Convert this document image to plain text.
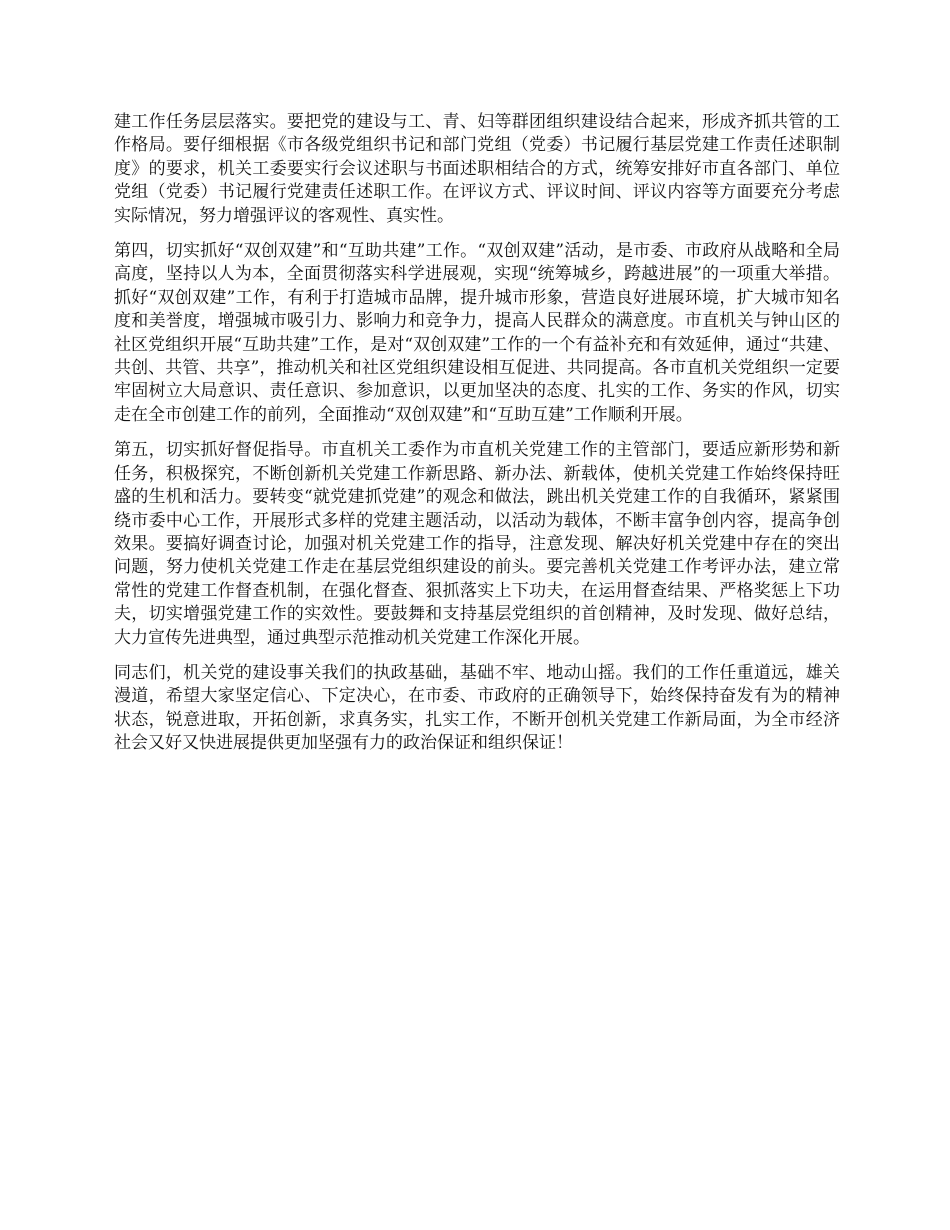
建工作任务层层落实。要把党的建设与工、青、妇等群团组织建设结合起来，形成齐抓共管的工作格局。要仔细根据《市各级党组织书记和部门党组（党委）书记履行基层党建工作责任述职制度》的要求，机关工委要实行会议述职与书面述职相结合的方式，统筹安排好市直各部门、单位党组（党委）书记履行党建责任述职工作。在评议方式、评议时间、评议内容等方面要充分考虑实际情况，努力增强评议的客观性、真实性。

第四，切实抓好“双创双建”和“互助共建”工作。“双创双建”活动，是市委、市政府从战略和全局高度，坚持以人为本，全面贯彻落实科学进展观，实现“统筹城乡，跨越进展”的一项重大举措。抓好“双创双建”工作，有利于打造城市品牌，提升城市形象，营造良好进展环境，扩大城市知名度和美誉度，增强城市吸引力、影响力和竞争力，提高人民群众的满意度。市直机关与钟山区的社区党组织开展“互助共建”工作，是对“双创双建”工作的一个有益补充和有效延伸，通过“共建、共创、共管、共享”，推动机关和社区党组织建设相互促进、共同提高。各市直机关党组织一定要牢固树立大局意识、责任意识、参加意识，以更加坚决的态度、扎实的工作、务实的作风，切实走在全市创建工作的前列，全面推动“双创双建”和“互助互建”工作顺利开展。

第五，切实抓好督促指导。市直机关工委作为市直机关党建工作的主管部门，要适应新形势和新任务，积极探究，不断创新机关党建工作新思路、新办法、新载体，使机关党建工作始终保持旺盛的生机和活力。要转变“就党建抓党建”的观念和做法，跳出机关党建工作的自我循环，紧紧围绕市委中心工作，开展形式多样的党建主题活动，以活动为载体，不断丰富争创内容，提高争创效果。要搞好调查讨论，加强对机关党建工作的指导，注意发现、解决好机关党建中存在的突出问题，努力使机关党建工作走在基层党组织建设的前头。要完善机关党建工作考评办法，建立常常性的党建工作督查机制，在强化督查、狠抓落实上下功夫，在运用督查结果、严格奖惩上下功夫，切实增强党建工作的实效性。要鼓舞和支持基层党组织的首创精神，及时发现、做好总结，大力宣传先进典型，通过典型示范推动机关党建工作深化开展。

同志们，机关党的建设事关我们的执政基础，基础不牢、地动山摇。我们的工作任重道远，雄关漫道，希望大家坚定信心、下定决心，在市委、市政府的正确领导下，始终保持奋发有为的精神状态，锐意进取，开拓创新，求真务实，扎实工作，不断开创机关党建工作新局面，为全市经济社会又好又快进展提供更加坚强有力的政治保证和组织保证！
